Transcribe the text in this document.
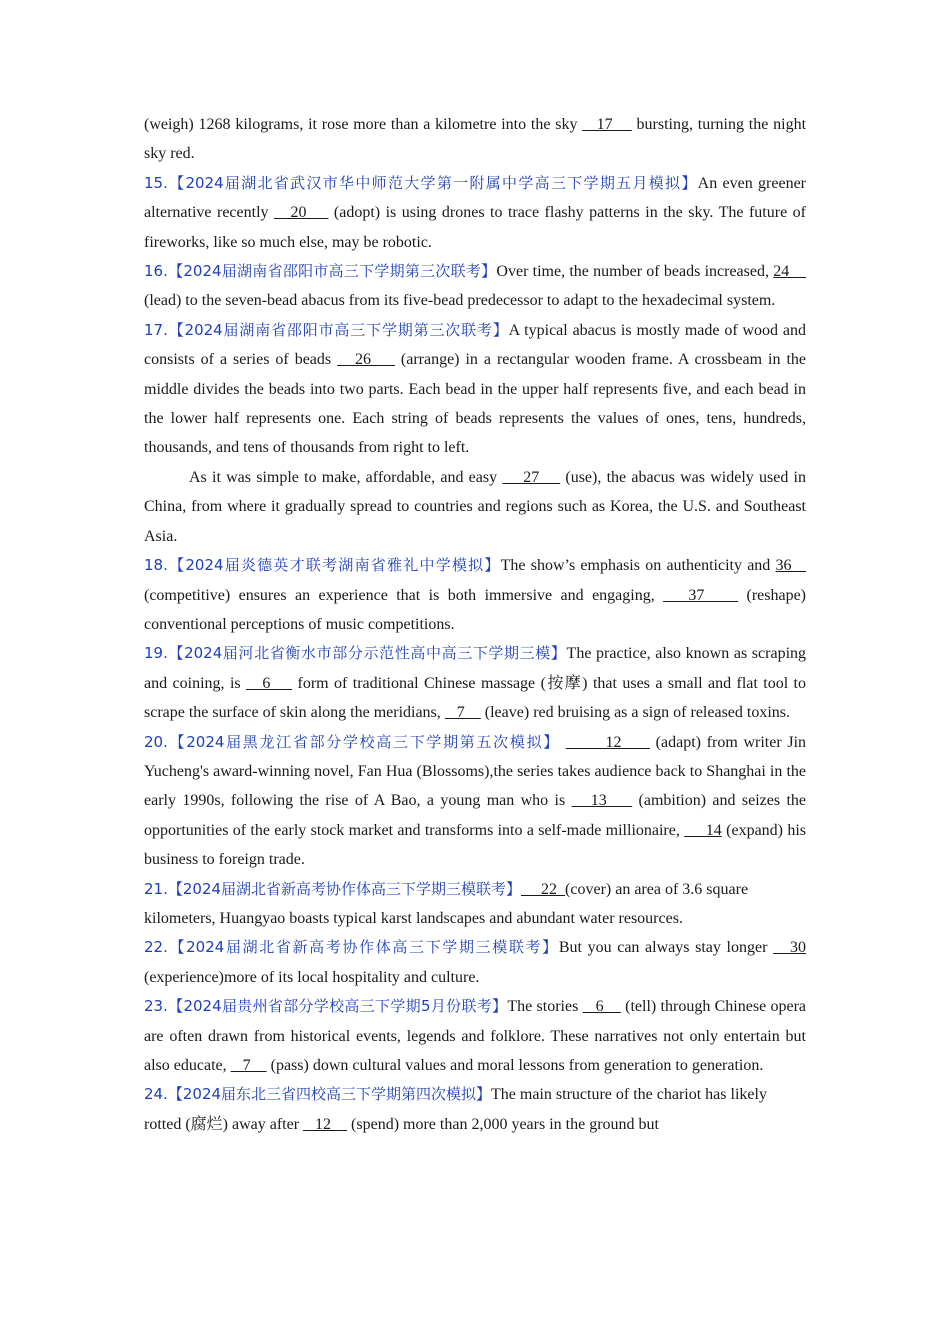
(weigh) 1268 kilograms, it rose more than a kilometre into the sky    17     bursting, turning the night sky red.

15.【2024届湖北省武汉市华中师范大学第一附属中学高三下学期五月模拟】An even greener alternative recently    20     (adopt) is using drones to trace flashy patterns in the sky. The future of fireworks, like so much else, may be robotic.

16.【2024届湖南省邵阳市高三下学期第三次联考】Over time, the number of beads increased, 24     (lead) to the seven-bead abacus from its five-bead predecessor to adapt to the hexadecimal system.

17.【2024届湖南省邵阳市高三下学期第三次联考】A typical abacus is mostly made of wood and consists of a series of beads    26     (arrange) in a rectangular wooden frame. A crossbeam in the middle divides the beads into two parts. Each bead in the upper half represents five, and each bead in the lower half represents one. Each string of beads represents the values of ones, tens, hundreds, thousands, and tens of thousands from right to left.

As it was simple to make, affordable, and easy     27     (use), the abacus was widely used in China, from where it gradually spread to countries and regions such as Korea, the U.S. and Southeast Asia.

18.【2024届炎德英才联考湖南省雅礼中学模拟】The show’s emphasis on authenticity and 36    (competitive) ensures an experience that is both immersive and engaging,    37     (reshape) conventional perceptions of music competitions.

19.【2024届河北省衡水市部分示范性高中高三下学期三模】The practice, also known as scraping and coining, is    6     form of traditional Chinese massage (按摩) that uses a small and flat tool to scrape the surface of skin along the meridians,    7     (leave) red bruising as a sign of released toxins.

20.【2024届黑龙江省部分学校高三下学期第五次模拟】        12      (adapt) from writer Jin Yucheng's award-winning novel, Fan Hua (Blossoms),the series takes audience back to Shanghai in the early 1990s, following the rise of A Bao, a young man who is    13     (ambition) and seizes the opportunities of the early stock market and transforms into a self-made millionaire,      14 (expand) his business to foreign trade.

21.【2024届湖北省新高考协作体高三下学期三模联考】     22  (cover) an area of 3.6 square kilometers, Huangyao boasts typical karst landscapes and abundant water resources.

22.【2024届湖北省新高考协作体高三下学期三模联考】But you can always stay longer    30 (experience)more of its local hospitality and culture.

23.【2024届贵州省部分学校高三下学期5月份联考】The stories    6     (tell) through Chinese opera are often drawn from historical events, legends and folklore. These narratives not only entertain but also educate,    7     (pass) down cultural values and moral lessons from generation to generation.

24.【2024届东北三省四校高三下学期第四次模拟】The main structure of the chariot has likely rotted (腐烂) away after    12     (spend) more than 2,000 years in the ground but
